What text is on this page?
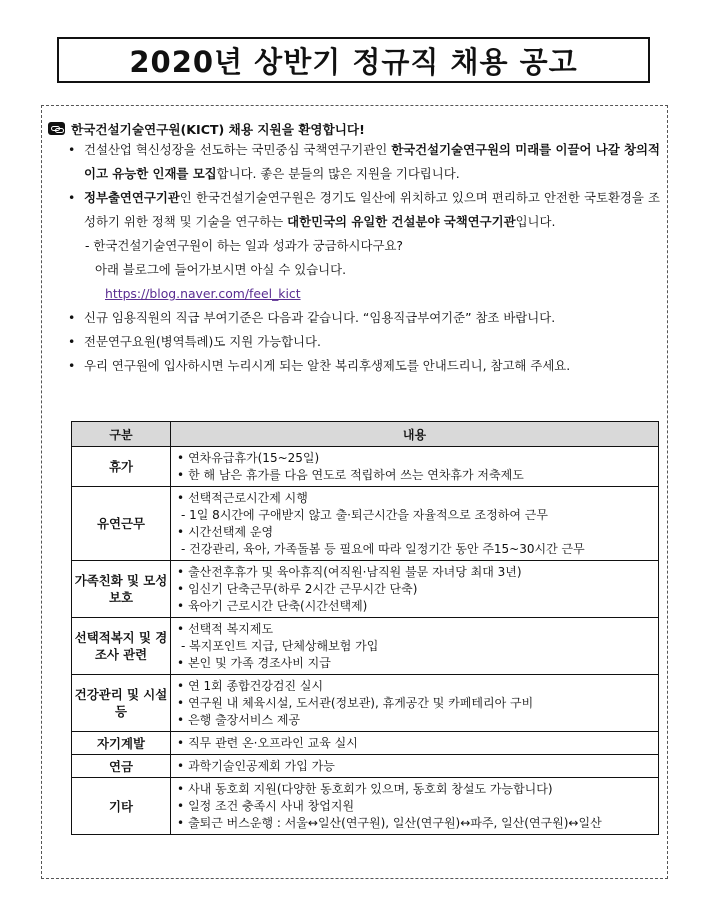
2020년 상반기 정규직 채용 공고
한국건설기술연구원(KICT) 채용 지원을 환영합니다!
• 건설산업 혁신성장을 선도하는 국민중심 국책연구기관인 한국건설기술연구원의 미래를 이끌어 나갈 창의적이고 유능한 인재를 모집합니다. 좋은 분들의 많은 지원을 기다립니다.
• 정부출연연구기관인 한국건설기술연구원은 경기도 일산에 위치하고 있으며 편리하고 안전한 국토환경을 조성하기 위한 정책 및 기술을 연구하는 대한민국의 유일한 건설분야 국책연구기관입니다.
- 한국건설기술연구원이 하는 일과 성과가 궁금하시다구요?
아래 블로그에 들어가보시면 아실 수 있습니다.
https://blog.naver.com/feel_kict
• 신규 임용직원의 직급 부여기준은 다음과 같습니다. “임용직급부여기준” 참조 바랍니다.
• 전문연구요원(병역특례)도 지원 가능합니다.
• 우리 연구원에 입사하시면 누리시게 되는 알찬 복리후생제도를 안내드리니, 참고해 주세요.
구분	내용
휴가	• 연차유급휴가(15~25일)
• 한 해 남은 휴가를 다음 연도로 적립하여 쓰는 연차휴가 저축제도

유연근무	• 선택적근로시간제 시행
- 1일 8시간에 구애받지 않고 출·퇴근시간을 자율적으로 조정하여 근무
• 시간선택제 운영
- 건강관리, 육아, 가족돌봄 등 필요에 따라 일정기간 동안 주15~30시간 근무

가족친화 및 모성보호	• 출산전후휴가 및 육아휴직(여직원·남직원 불문 자녀당 최대 3년)
• 임신기 단축근무(하루 2시간 근무시간 단축)
• 육아기 근로시간 단축(시간선택제)

선택적복지 및 경조사 관련	• 선택적 복지제도
- 복지포인트 지급, 단체상해보험 가입
• 본인 및 가족 경조사비 지급

건강관리 및 시설 등	• 연 1회 종합건강검진 실시
• 연구원 내 체육시설, 도서관(정보관), 휴게공간 및 카페테리아 구비
• 은행 출장서비스 제공

자기계발	• 직무 관련 온·오프라인 교육 실시

연금	• 과학기술인공제회 가입 가능

기타	• 사내 동호회 지원(다양한 동호회가 있으며, 동호회 창설도 가능합니다)
• 일정 조건 충족시 사내 창업지원
• 출퇴근 버스운행 : 서울↔일산(연구원), 일산(연구원)↔파주, 일산(연구원)↔일산
